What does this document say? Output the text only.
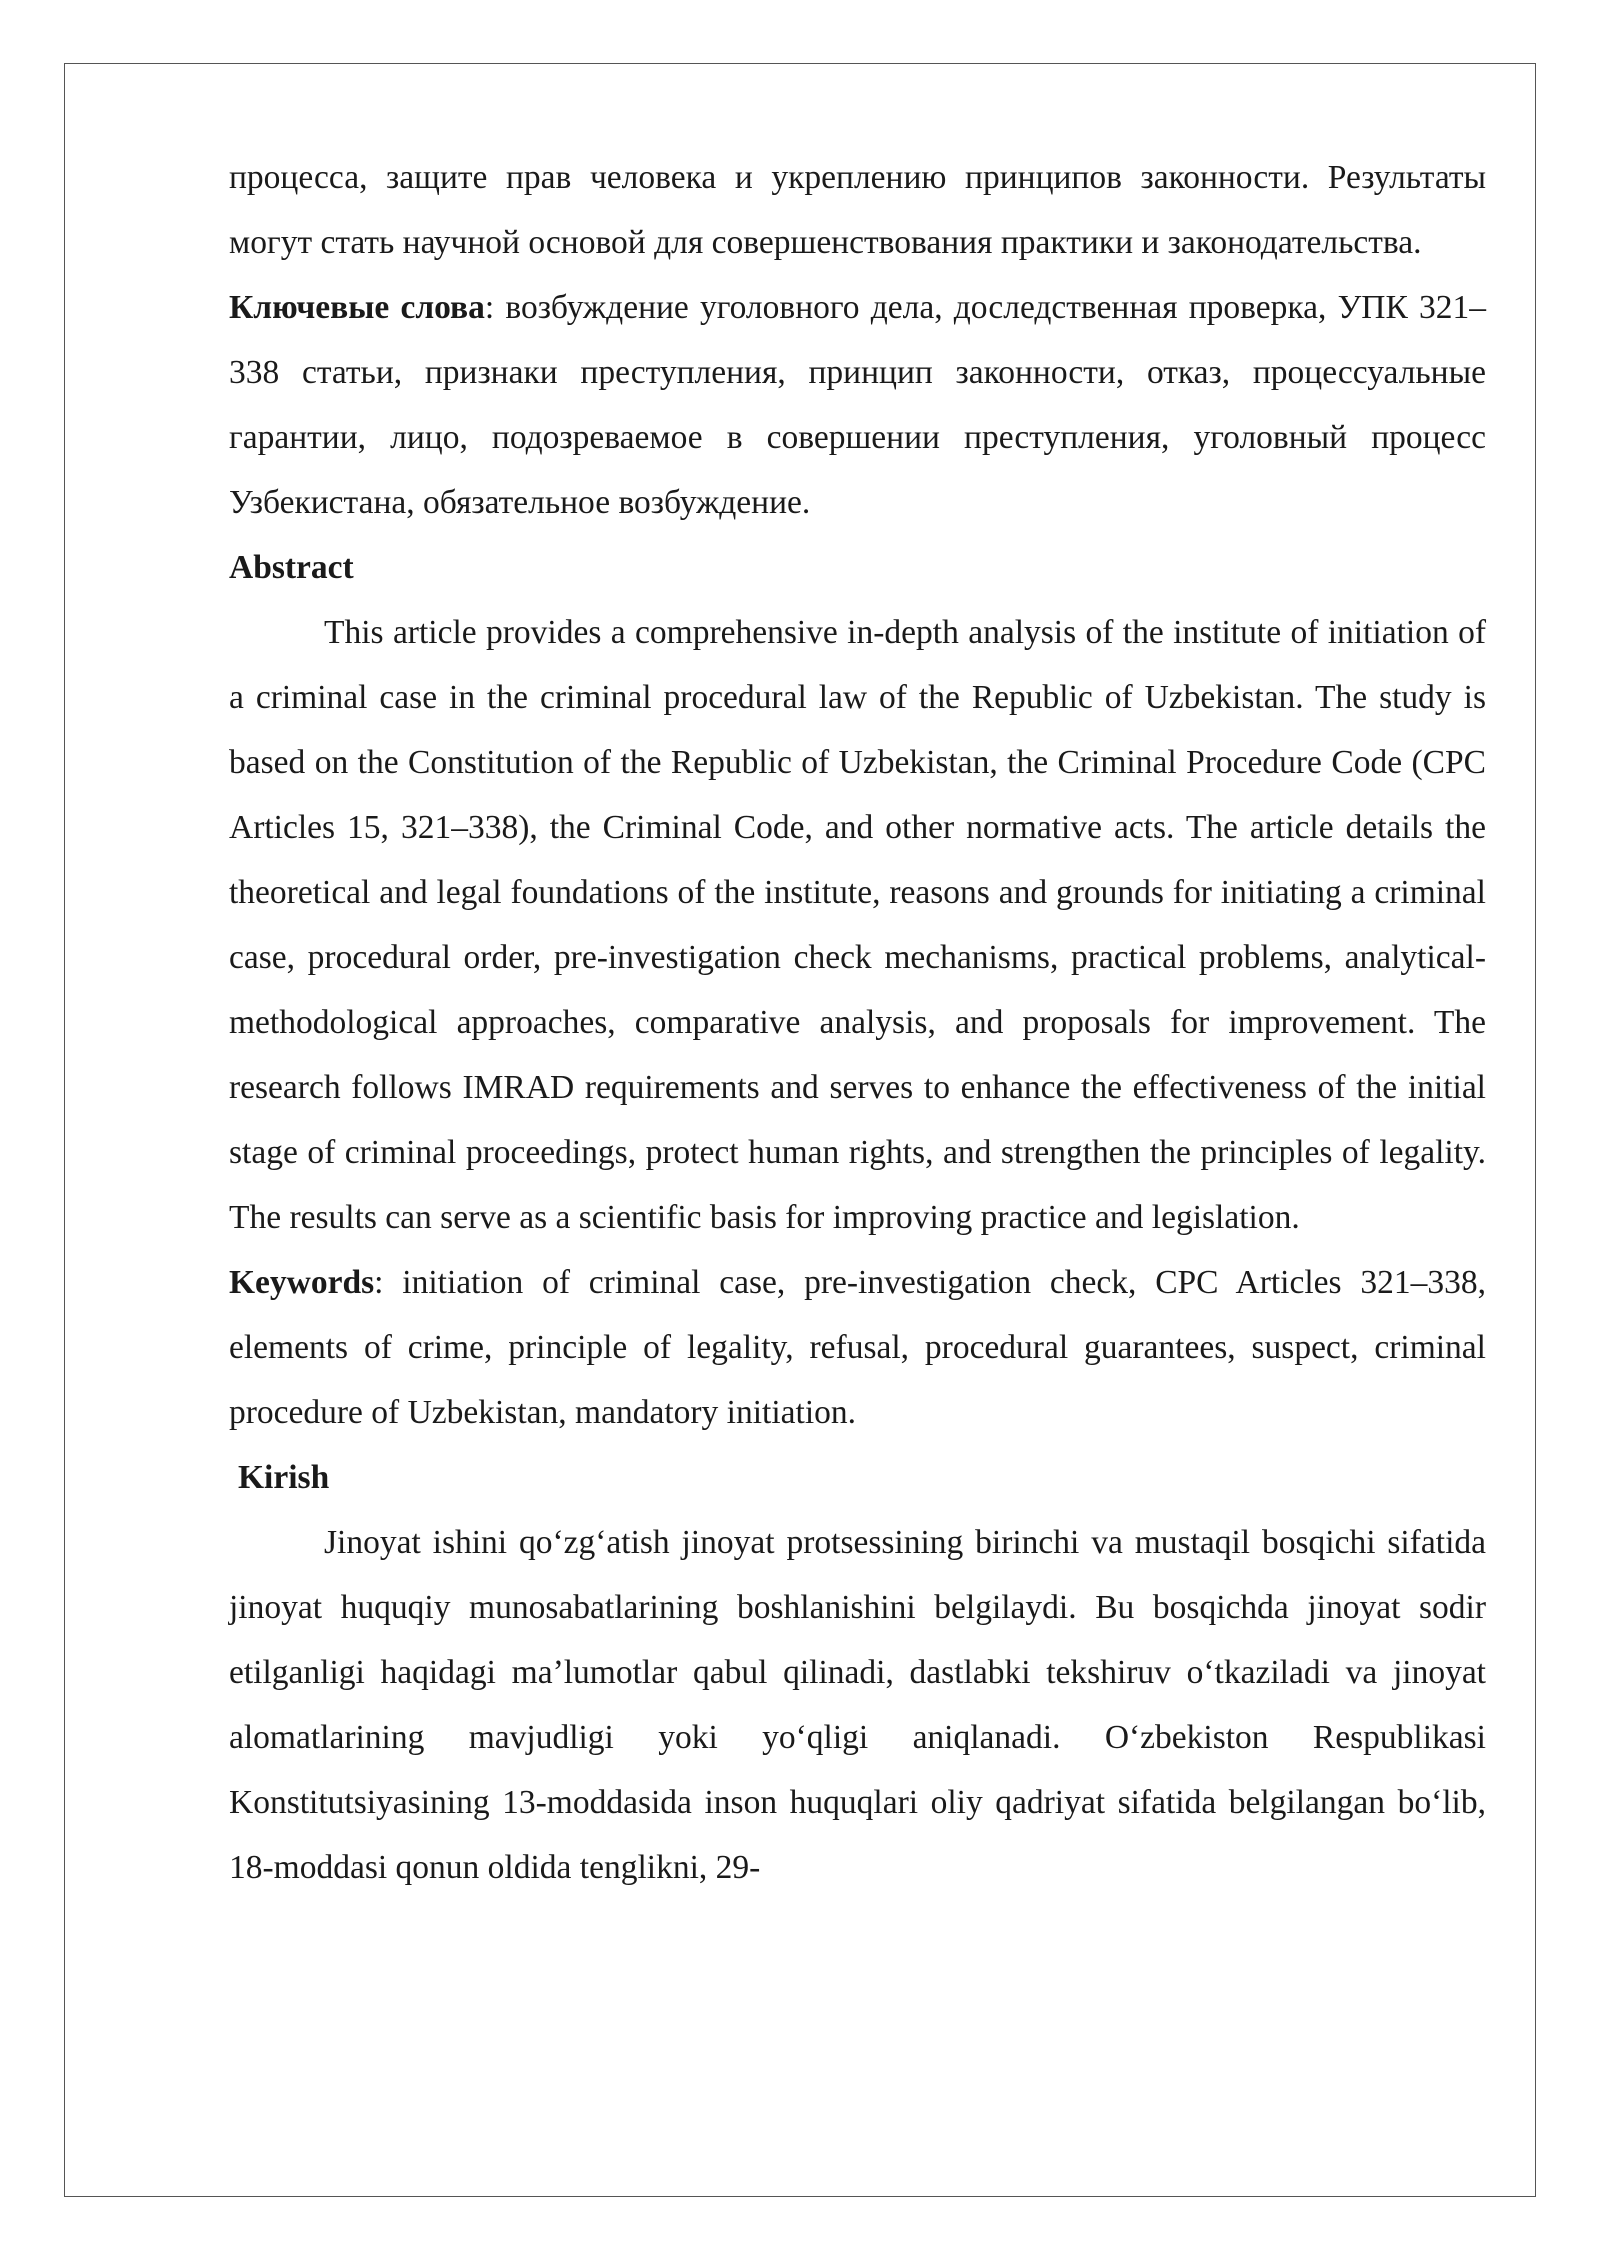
процесса, защите прав человека и укреплению принципов законности. Результаты могут стать научной основой для совершенствования практики и законодательства.

Ключевые слова: возбуждение уголовного дела, доследственная проверка, УПК 321–338 статьи, признаки преступления, принцип законности, отказ, процессуальные гарантии, лицо, подозреваемое в совершении преступления, уголовный процесс Узбекистана, обязательное возбуждение.

Abstract

This article provides a comprehensive in-depth analysis of the institute of initiation of a criminal case in the criminal procedural law of the Republic of Uzbekistan. The study is based on the Constitution of the Republic of Uzbekistan, the Criminal Procedure Code (CPC Articles 15, 321–338), the Criminal Code, and other normative acts. The article details the theoretical and legal foundations of the institute, reasons and grounds for initiating a criminal case, procedural order, pre-investigation check mechanisms, practical problems, analytical-methodological approaches, comparative analysis, and proposals for improvement. The research follows IMRAD requirements and serves to enhance the effectiveness of the initial stage of criminal proceedings, protect human rights, and strengthen the principles of legality. The results can serve as a scientific basis for improving practice and legislation.

Keywords: initiation of criminal case, pre-investigation check, CPC Articles 321–338, elements of crime, principle of legality, refusal, procedural guarantees, suspect, criminal procedure of Uzbekistan, mandatory initiation.

Kirish

Jinoyat ishini qoʻzgʻatish jinoyat protsessining birinchi va mustaqil bosqichi sifatida jinoyat huquqiy munosabatlarining boshlanishini belgilaydi. Bu bosqichda jinoyat sodir etilganligi haqidagi maʼlumotlar qabul qilinadi, dastlabki tekshiruv oʻtkaziladi va jinoyat alomatlarining mavjudligi yoki yoʻqligi aniqlanadi. Oʻzbekiston Respublikasi Konstitutsiyasining 13-moddasida inson huquqlari oliy qadriyat sifatida belgilangan boʻlib, 18-moddasi qonun oldida tenglikni, 29-
